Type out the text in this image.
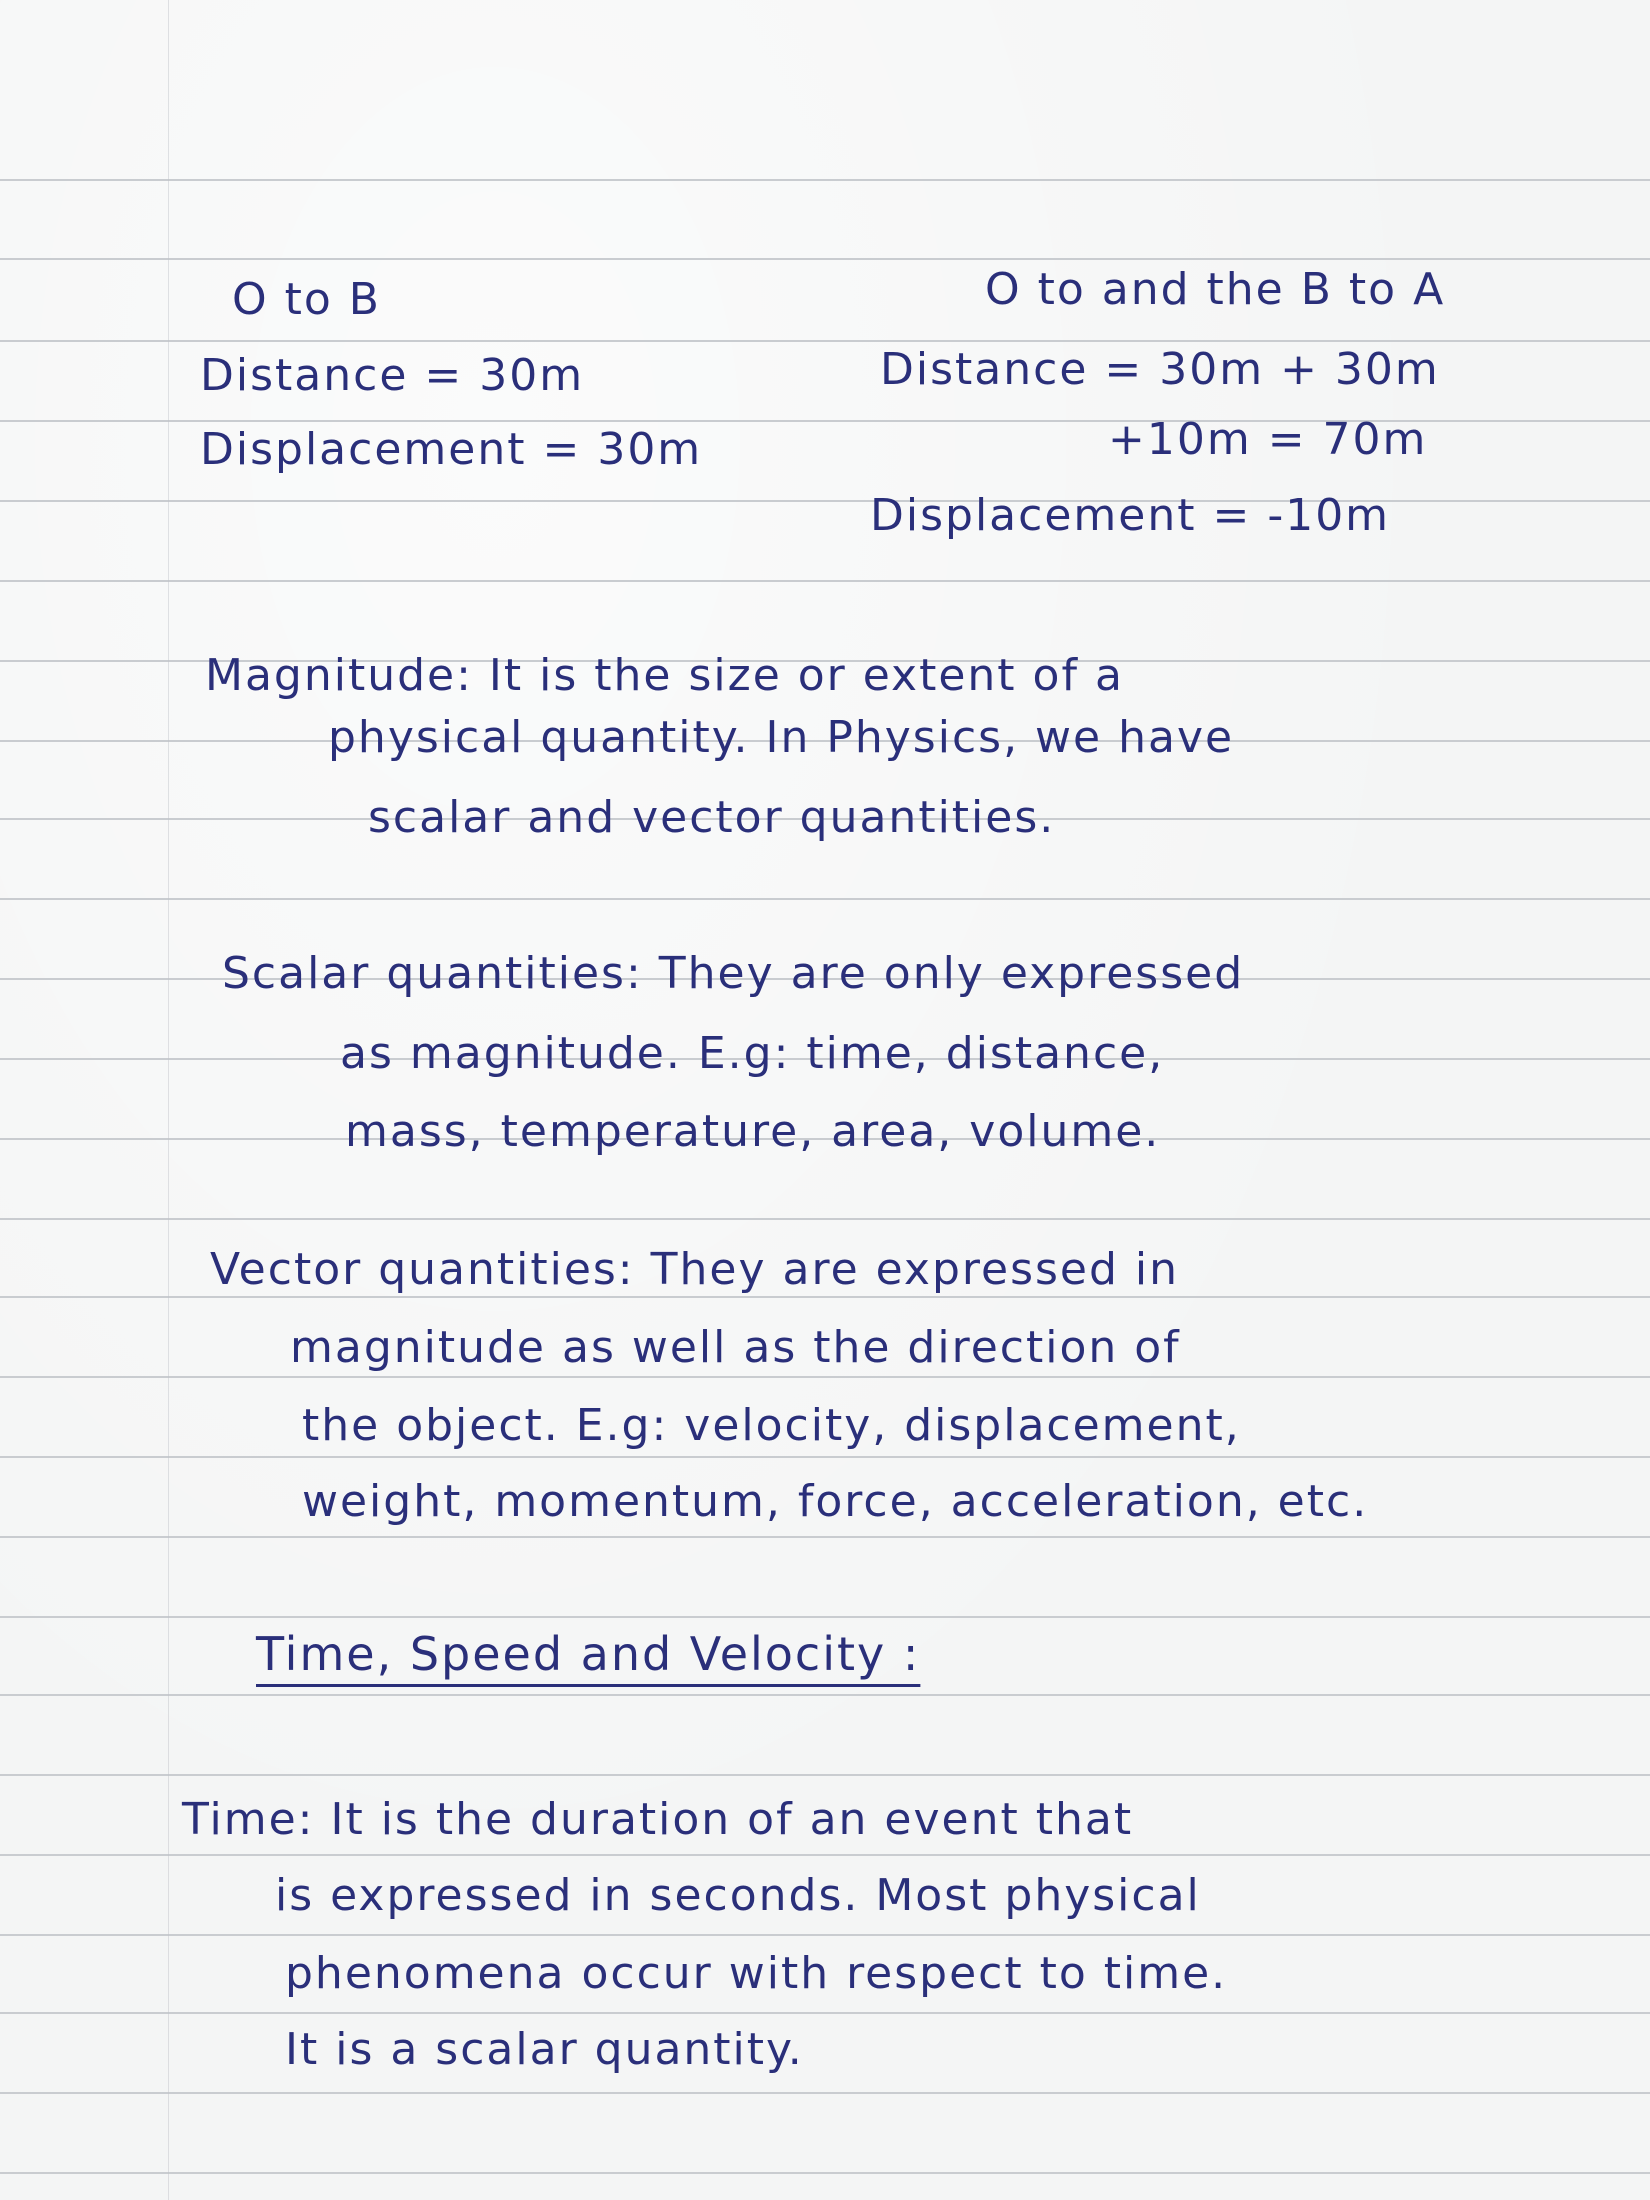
O to B

Distance = 30m

Displacement = 30m

O to and the B to A

Distance = 30m + 30m

+10m = 70m

Displacement = -10m

Magnitude: It is the size or extent of a

physical quantity. In Physics, we have

scalar and vector quantities.

Scalar quantities: They are only expressed

as magnitude. E.g: time, distance,

mass, temperature, area, volume.

Vector quantities: They are expressed in

magnitude as well as the direction of

the object. E.g: velocity, displacement,

weight, momentum, force, acceleration, etc.

Time, Speed and Velocity :

Time: It is the duration of an event that

is expressed in seconds. Most physical

phenomena occur with respect to time.

It is a scalar quantity.
